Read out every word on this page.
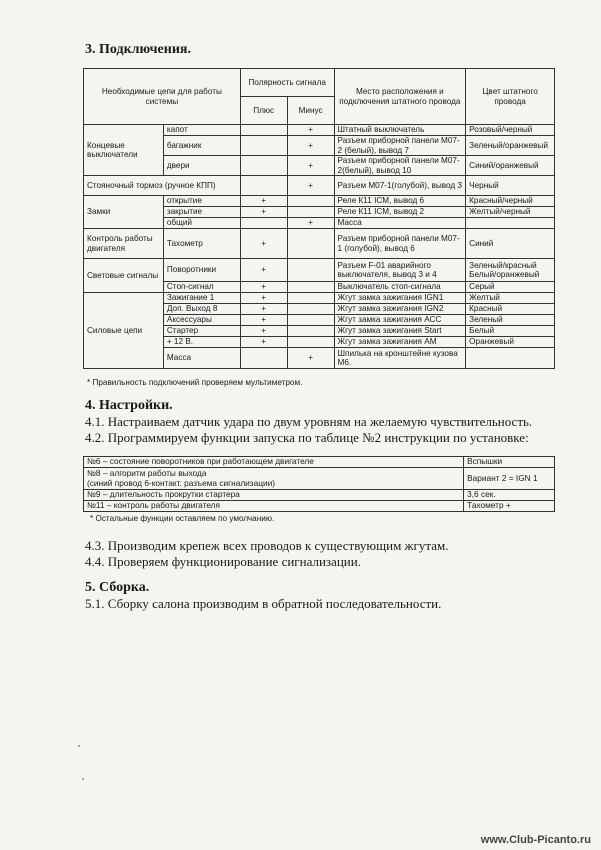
3. Подключения.
Необходимые цепи для работы системы		Полярность сигнала		Место расположения и подключения штатного провода	Цвет штатного провода
		Плюс	Минус		
Концевые выключатели	капот		+	Штатный выключатель	Розовый/черный
	багажник		+	Разъем приборной панели М07-2 (белый), вывод 7	Зеленый/оранжевый
	двери		+	Разъем приборной панели М07-2(белый), вывод 10	Синий/оранжевый
Стояночный тормоз (ручное КПП)			+	Разъем М07-1(голубой), вывод 3	Черный
Замки	открытие	+		Реле К11 ICM, вывод 6	Красный/черный
	закрытие	+		Реле К11 ICM, вывод 2	Желтый/черный
	общий		+	Масса	
Контроль работы двигателя	Тахометр	+		Разъем приборной панели М07-1 (голубой), вывод 6	Синий
Световые сигналы	Поворотники	+		Разъем F-01 аварийного выключателя, вывод 3 и 4	Зеленый/красный Белый/оранжевый
	Стоп-сигнал	+		Выключатель стоп-сигнала	Серый
Силовые цепи	Зажигание 1	+		Жгут замка зажигания IGN1	Желтый
	Доп. Выход 8	+		Жгут замка зажигания IGN2	Красный
	Аксессуары	+		Жгут замка зажигания АСС	Зеленый
	Стартер	+		Жгут замка зажигания Start	Белый
	+ 12 В.	+		Жгут замка зажигания АМ	Оранжевый
	Масса		+	Шпилька на кронштейне кузова М6.	
* Правильность подключений проверяем мультиметром.
4. Настройки.
4.1. Настраиваем датчик удара по двум уровням на желаемую чувствительность.
4.2. Программируем функции запуска по таблице №2 инструкции по установке:
№6 – состояние поворотников при работающем двигателе	Вспышки

№8 – алгоритм работы выхода
(синий провод 6-контакт. разъема сигнализации)	Вариант 2 = IGN 1
№9 – длительность прокрутки стартера	3,6 сек.
№11 – контроль работы двигателя	Тахометр +
* Остальные функции оставляем по умолчанию.
4.3. Производим крепеж всех проводов к существующим жгутам.
4.4. Проверяем функционирование сигнализации.
5. Сборка.
5.1. Сборку салона производим в обратной последовательности.
www.Club-Picanto.ru
